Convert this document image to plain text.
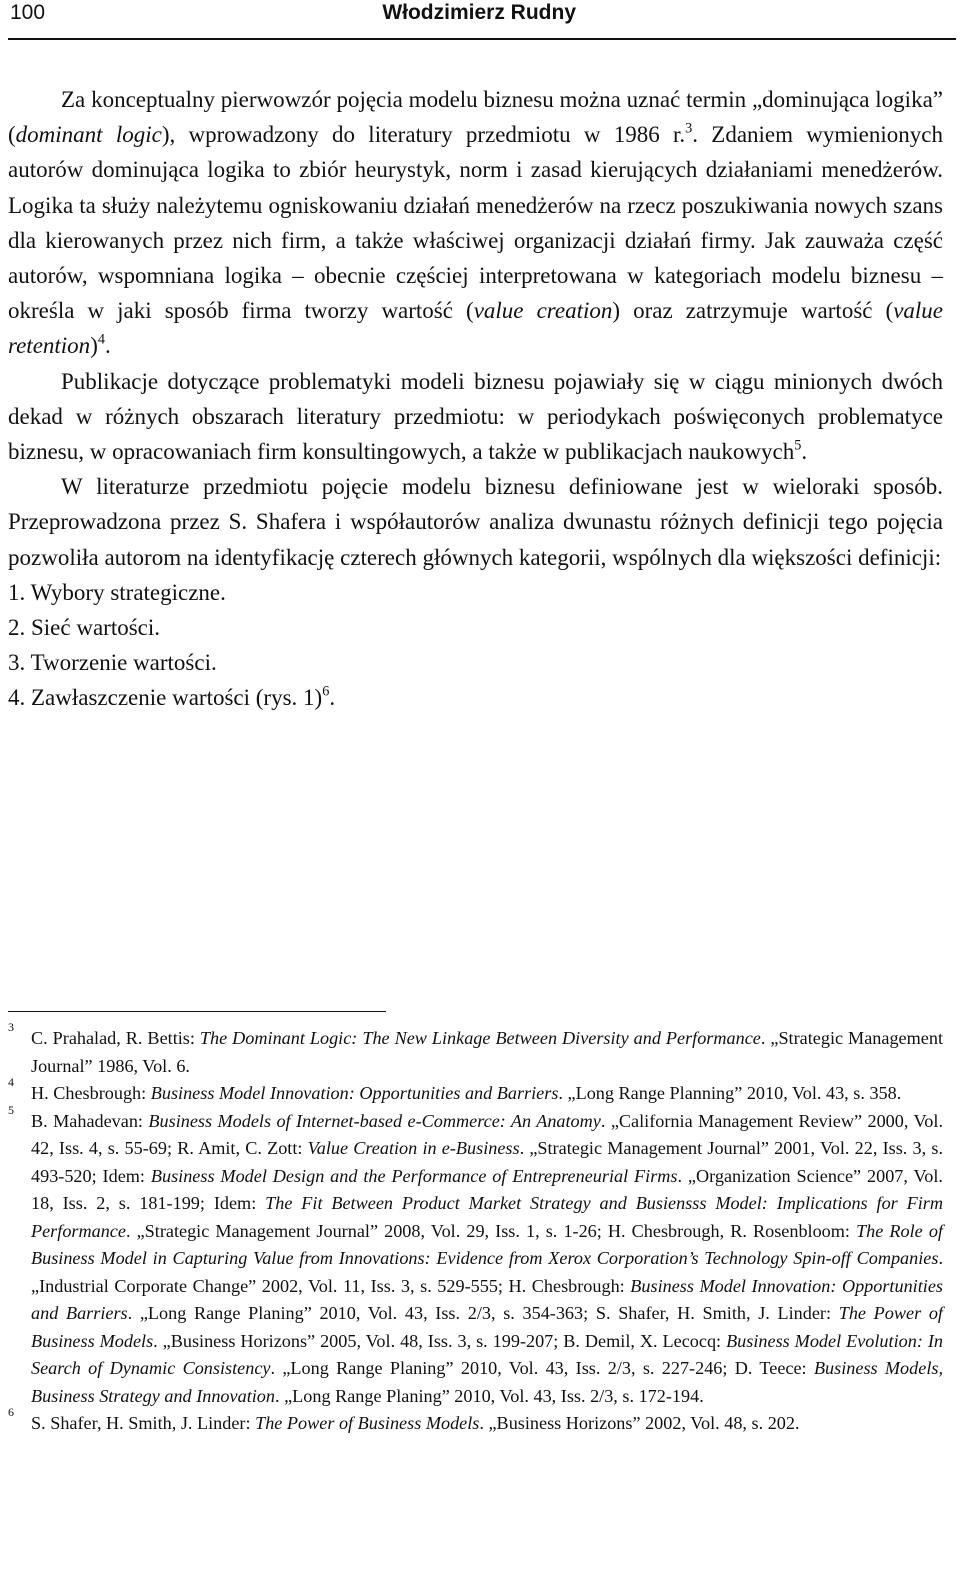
100	Włodzimierz Rudny

Za konceptualny pierwowzór pojęcia modelu biznesu można uznać termin „dominująca logika” (dominant logic), wprowadzony do literatury przedmiotu w 1986 r.$^3$. Zdaniem wymienionych autorów dominująca logika to zbiór heurystyk, norm i zasad kierujących działaniami menedżerów. Logika ta służy należytemu ogniskowaniu działań menedżerów na rzecz poszukiwania nowych szans dla kierowanych przez nich firm, a także właściwej organizacji działań firmy. Jak zauważa część autorów, wspomniana logika – obecnie częściej interpretowana w kategoriach modelu biznesu – określa w jaki sposób firma tworzy wartość (value creation) oraz zatrzymuje wartość (value retention)$^4$.

Publikacje dotyczące problematyki modeli biznesu pojawiały się w ciągu minionych dwóch dekad w różnych obszarach literatury przedmiotu: w periodykach poświęconych problematyce biznesu, w opracowaniach firm konsultingowych, a także w publikacjach naukowych$^5$.

W literaturze przedmiotu pojęcie modelu biznesu definiowane jest w wieloraki sposób. Przeprowadzona przez S. Shafera i współautorów analiza dwunastu różnych definicji tego pojęcia pozwoliła autorom na identyfikację czterech głównych kategorii, wspólnych dla większości definicji:

1. Wybory strategiczne.
2. Sieć wartości.
3. Tworzenie wartości.
4. Zawłaszczenie wartości (rys. 1)$^6$.
3
C. Prahalad, R. Bettis: The Dominant Logic: The New Linkage Between Diversity and Performance. „Strategic Management Journal” 1986, Vol. 6.
4
H. Chesbrough: Business Model Innovation: Opportunities and Barriers. „Long Range Planning” 2010, Vol. 43, s. 358.
5
B. Mahadevan: Business Models of Internet-based e-Commerce: An Anatomy. „California Management Review” 2000, Vol. 42, Iss. 4, s. 55-69; R. Amit, C. Zott: Value Creation in e-Business. „Strategic Management Journal” 2001, Vol. 22, Iss. 3, s. 493-520; Idem: Business Model Design and the Performance of Entrepreneurial Firms. „Organization Science” 2007, Vol. 18, Iss. 2, s. 181-199; Idem: The Fit Between Product Market Strategy and Busiensss Model: Implications for Firm Performance. „Strategic Management Journal” 2008, Vol. 29, Iss. 1, s. 1-26; H. Chesbrough, R. Rosenbloom: The Role of Business Model in Capturing Value from Innovations: Evidence from Xerox Corporation’s Technology Spin-off Companies. „Industrial Corporate Change” 2002, Vol. 11, Iss. 3, s. 529-555; H. Chesbrough: Business Model Innovation: Opportunities and Barriers. „Long Range Planing” 2010, Vol. 43, Iss. 2/3, s. 354-363; S. Shafer, H. Smith, J. Linder: The Power of Business Models. „Business Horizons” 2005, Vol. 48, Iss. 3, s. 199-207; B. Demil, X. Lecocq: Business Model Evolution: In Search of Dynamic Consistency. „Long Range Planing” 2010, Vol. 43, Iss. 2/3, s. 227-246; D. Teece: Business Models, Business Strategy and Innovation. „Long Range Planing” 2010, Vol. 43, Iss. 2/3, s. 172-194.
6
S. Shafer, H. Smith, J. Linder: The Power of Business Models. „Business Horizons” 2002, Vol. 48, s. 202.
